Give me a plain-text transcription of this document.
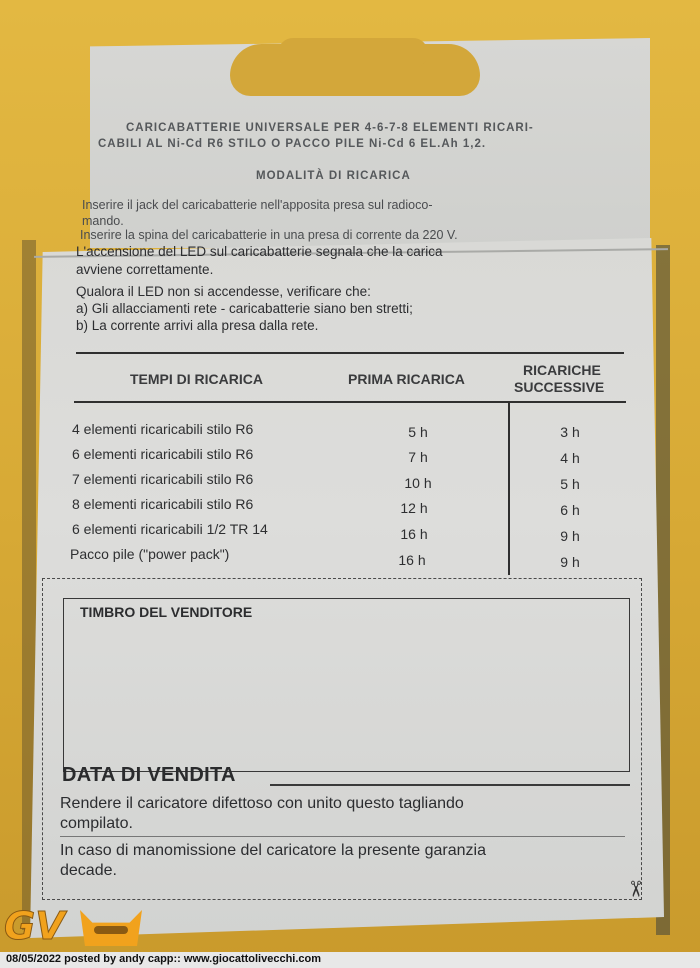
CARICABATTERIE UNIVERSALE PER 4-6-7-8 ELEMENTI RICARI-
CABILI AL Ni-Cd R6 STILO O PACCO PILE Ni-Cd 6 EL.Ah 1,2.
MODALITÀ DI RICARICA
Inserire il jack del caricabatterie nell'apposita presa sul radioco-
mando.
Inserire la spina del caricabatterie in una presa di corrente da 220 V.
L'accensione del LED sul caricabatterie segnala che la carica
avviene correttamente.
Qualora il LED non si accendesse, verificare che:
a) Gli allacciamenti rete - caricabatterie siano ben stretti;
b) La corrente arrivi alla presa dalla rete.
TEMPI DI RICARICA	PRIMA RICARICA
RICARICHE
SUCCESSIVE
4 elementi ricaricabili stilo R6	5 h	3 h
6 elementi ricaricabili stilo R6	7 h	4 h
7 elementi ricaricabili stilo R6	10 h	5 h
8 elementi ricaricabili stilo R6	12 h	6 h
6 elementi ricaricabili 1/2 TR 14	16 h	9 h
Pacco pile ("power pack")	16 h	9 h
TIMBRO DEL VENDITORE
DATA DI VENDITA
Rendere il caricatore difettoso con unito questo tagliando
compilato.
In caso di manomissione del caricatore la presente garanzia
decade.
✂
GV
08/05/2022 posted by andy capp:: www.giocattolivecchi.com
